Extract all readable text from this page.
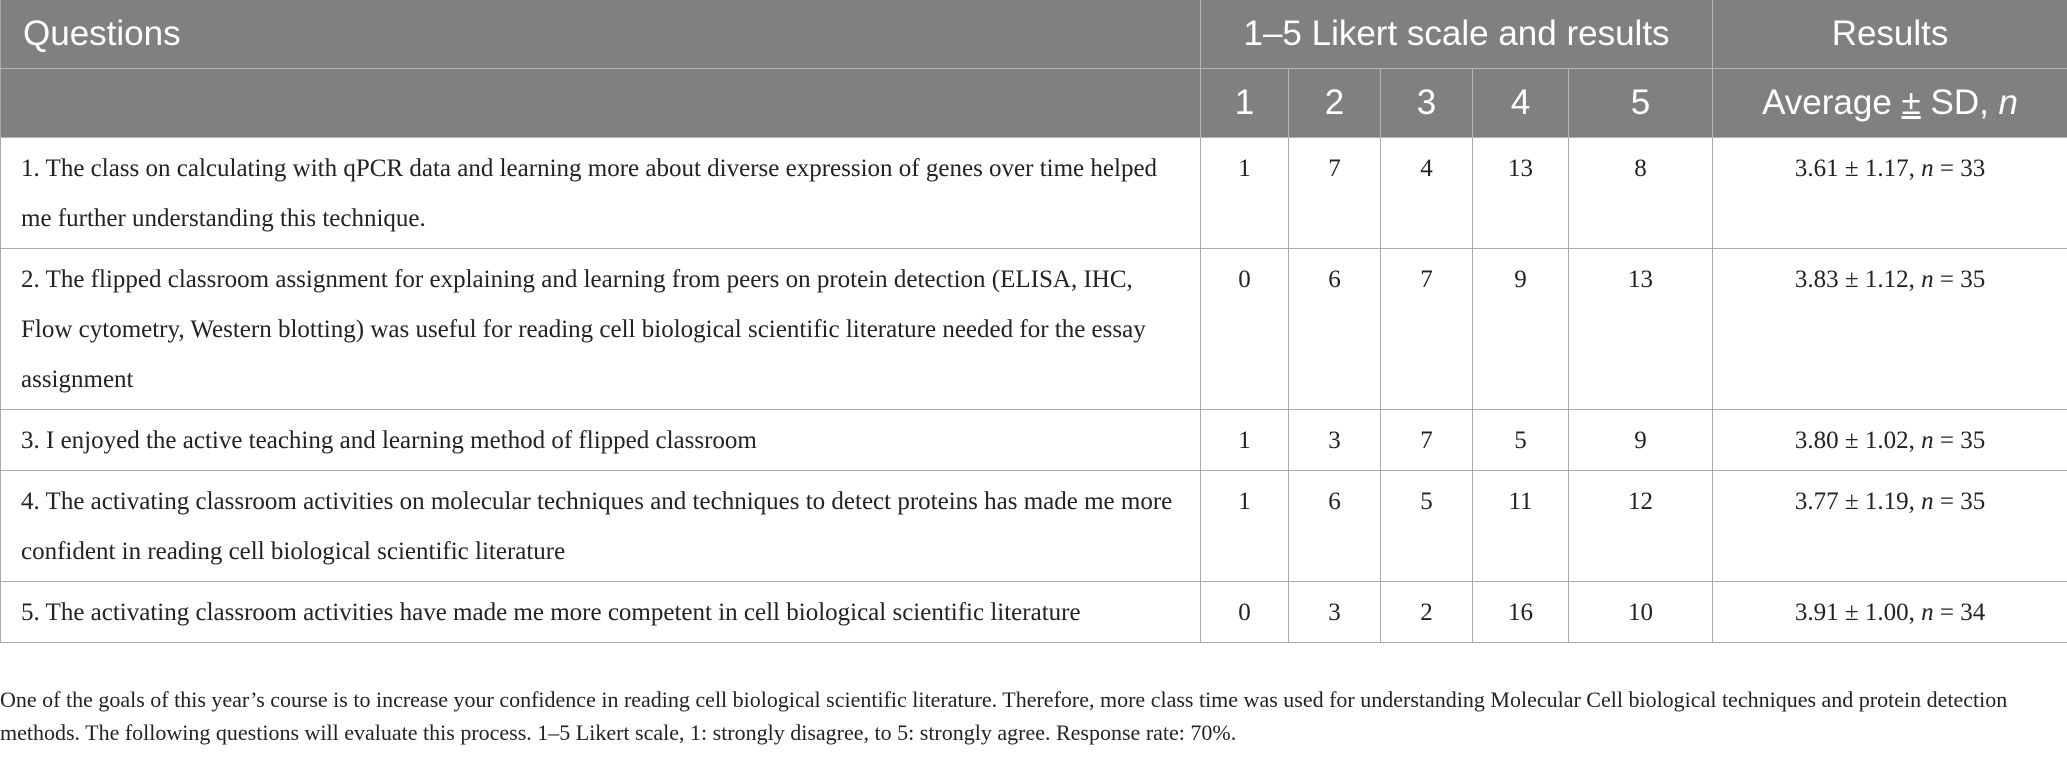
Questions	1–5 Likert scale and results					Results
	1	2	3	4	5	Average ± SD, n
1. The class on calculating with qPCR data and learning more about diverse expression of genes over time helped me further understanding this technique.	1	7	4	13	8	3.61 ± 1.17, n = 33
2. The flipped classroom assignment for explaining and learning from peers on protein detection (ELISA, IHC, Flow cytometry, Western blotting) was useful for reading cell biological scientific literature needed for the essay assignment	0	6	7	9	13	3.83 ± 1.12, n = 35
3. I enjoyed the active teaching and learning method of flipped classroom	1	3	7	5	9	3.80 ± 1.02, n = 35
4. The activating classroom activities on molecular techniques and techniques to detect proteins has made me more confident in reading cell biological scientific literature	1	6	5	11	12	3.77 ± 1.19, n = 35
5. The activating classroom activities have made me more competent in cell biological scientific literature	0	3	2	16	10	3.91 ± 1.00, n = 34
One of the goals of this year’s course is to increase your confidence in reading cell biological scientific literature. Therefore, more class time was used for understanding Molecular Cell biological techniques and protein detection methods. The following questions will evaluate this process. 1–5 Likert scale, 1: strongly disagree, to 5: strongly agree. Response rate: 70%.
